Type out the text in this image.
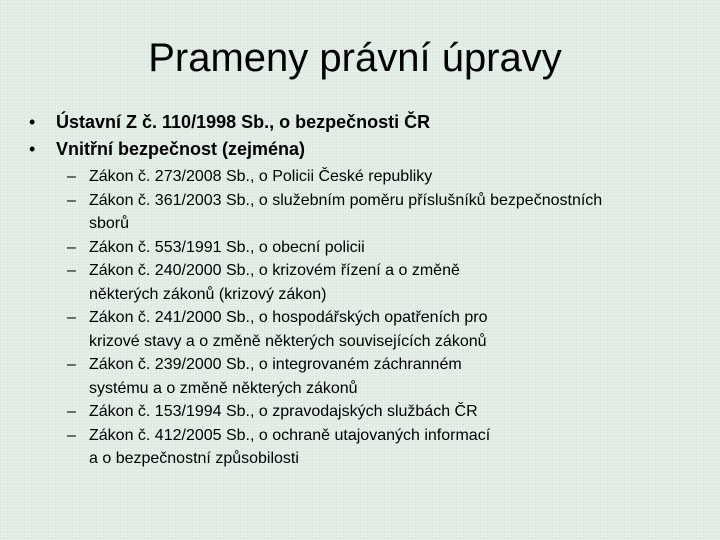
Prameny právní úpravy
• Ústavní Z č. 110/1998 Sb., o bezpečnosti ČR
• Vnitřní bezpečnost (zejména)
– Zákon č. 273/2008 Sb., o Policii České republiky
– Zákon č. 361/2003 Sb., o služebním poměru příslušníků bezpečnostních
sborů
– Zákon č. 553/1991 Sb., o obecní policii
– Zákon č. 240/2000 Sb., o krizovém řízení a o změně
některých zákonů (krizový zákon)
– Zákon č. 241/2000 Sb., o hospodářských opatřeních pro
krizové stavy a o změně některých souvisejících zákonů
– Zákon č. 239/2000 Sb., o integrovaném záchranném
systému a o změně některých zákonů
– Zákon č. 153/1994 Sb., o zpravodajských službách ČR
– Zákon č. 412/2005 Sb., o ochraně utajovaných informací
a o bezpečnostní způsobilosti
